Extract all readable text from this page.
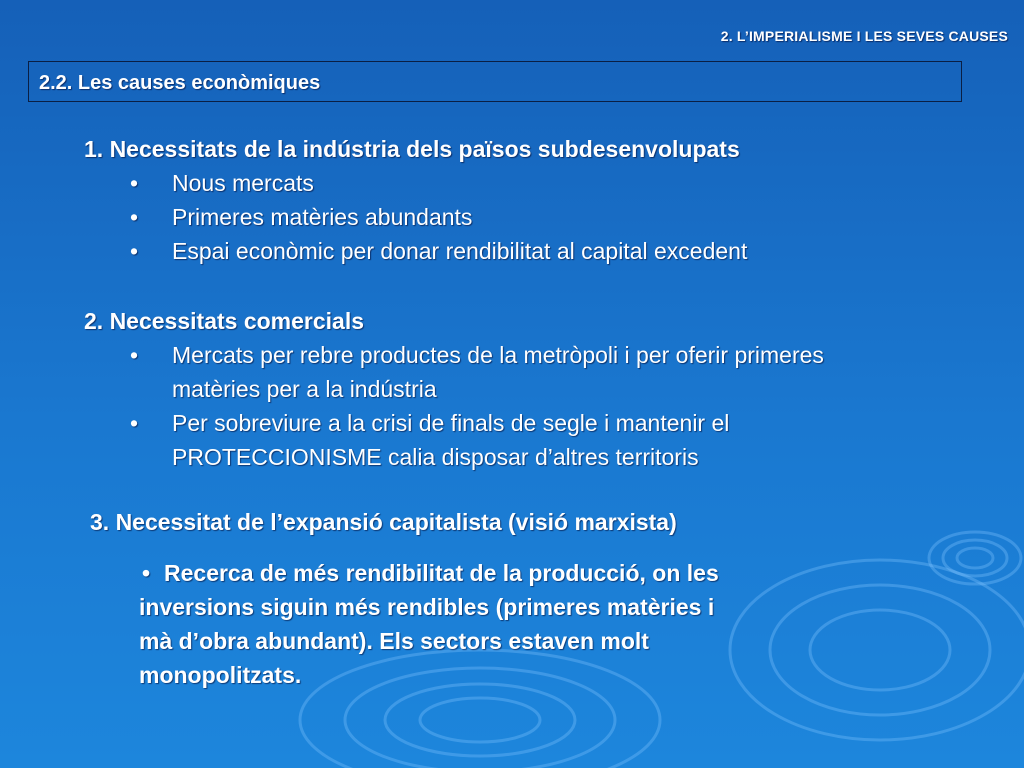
2. L’IMPERIALISME I LES SEVES CAUSES
2.2. Les causes econòmiques
1. Necessitats de la indústria dels països subdesenvolupats
• Nous mercats
• Primeres matèries abundants
• Espai econòmic per donar rendibilitat al capital excedent
2. Necessitats comercials
• Mercats per rebre productes de la metròpoli i per oferir primeres
matèries per a la indústria
• Per sobreviure a la crisi de finals de segle i mantenir el
PROTECCIONISME calia disposar d’altres territoris
3. Necessitat de l’expansió capitalista (visió marxista)
• Recerca de més rendibilitat de la producció, on les
inversions siguin més rendibles (primeres matèries i
mà d’obra abundant). Els sectors estaven molt
monopolitzats.
